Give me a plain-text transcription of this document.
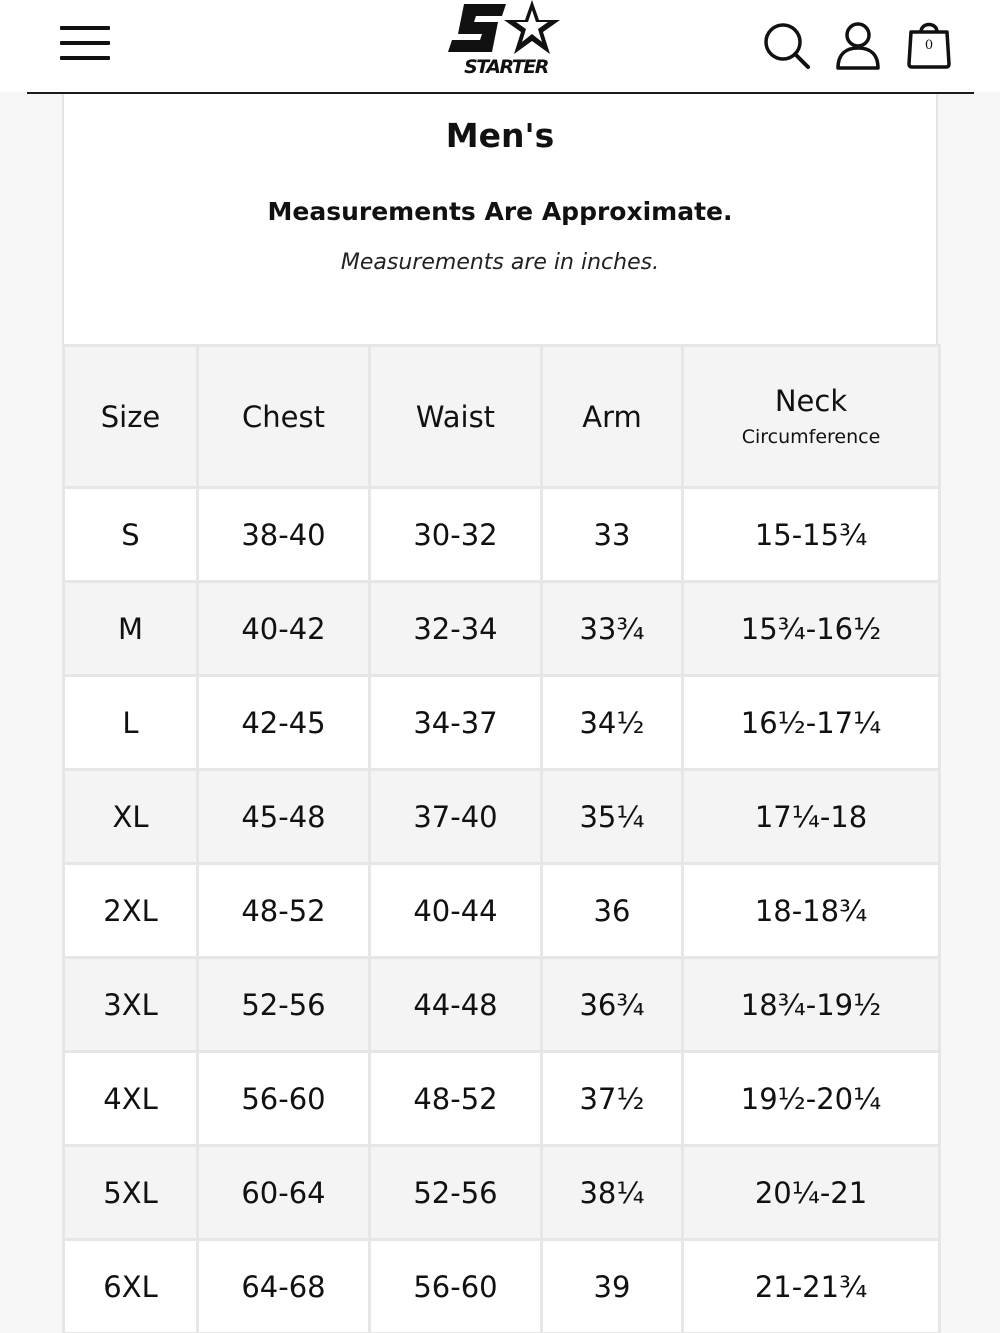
STARTER
0
Men's
Measurements Are Approximate.
Measurements are in inches.
Size	Chest	Waist	Arm	Neck
Circumference

S	38-40	30-32	33	15-15¾
M	40-42	32-34	33¾	15¾-16½
L	42-45	34-37	34½	16½-17¼
XL	45-48	37-40	35¼	17¼-18
2XL	48-52	40-44	36	18-18¾
3XL	52-56	44-48	36¾	18¾-19½
4XL	56-60	48-52	37½	19½-20¼
5XL	60-64	52-56	38¼	20¼-21
6XL	64-68	56-60	39	21-21¾
